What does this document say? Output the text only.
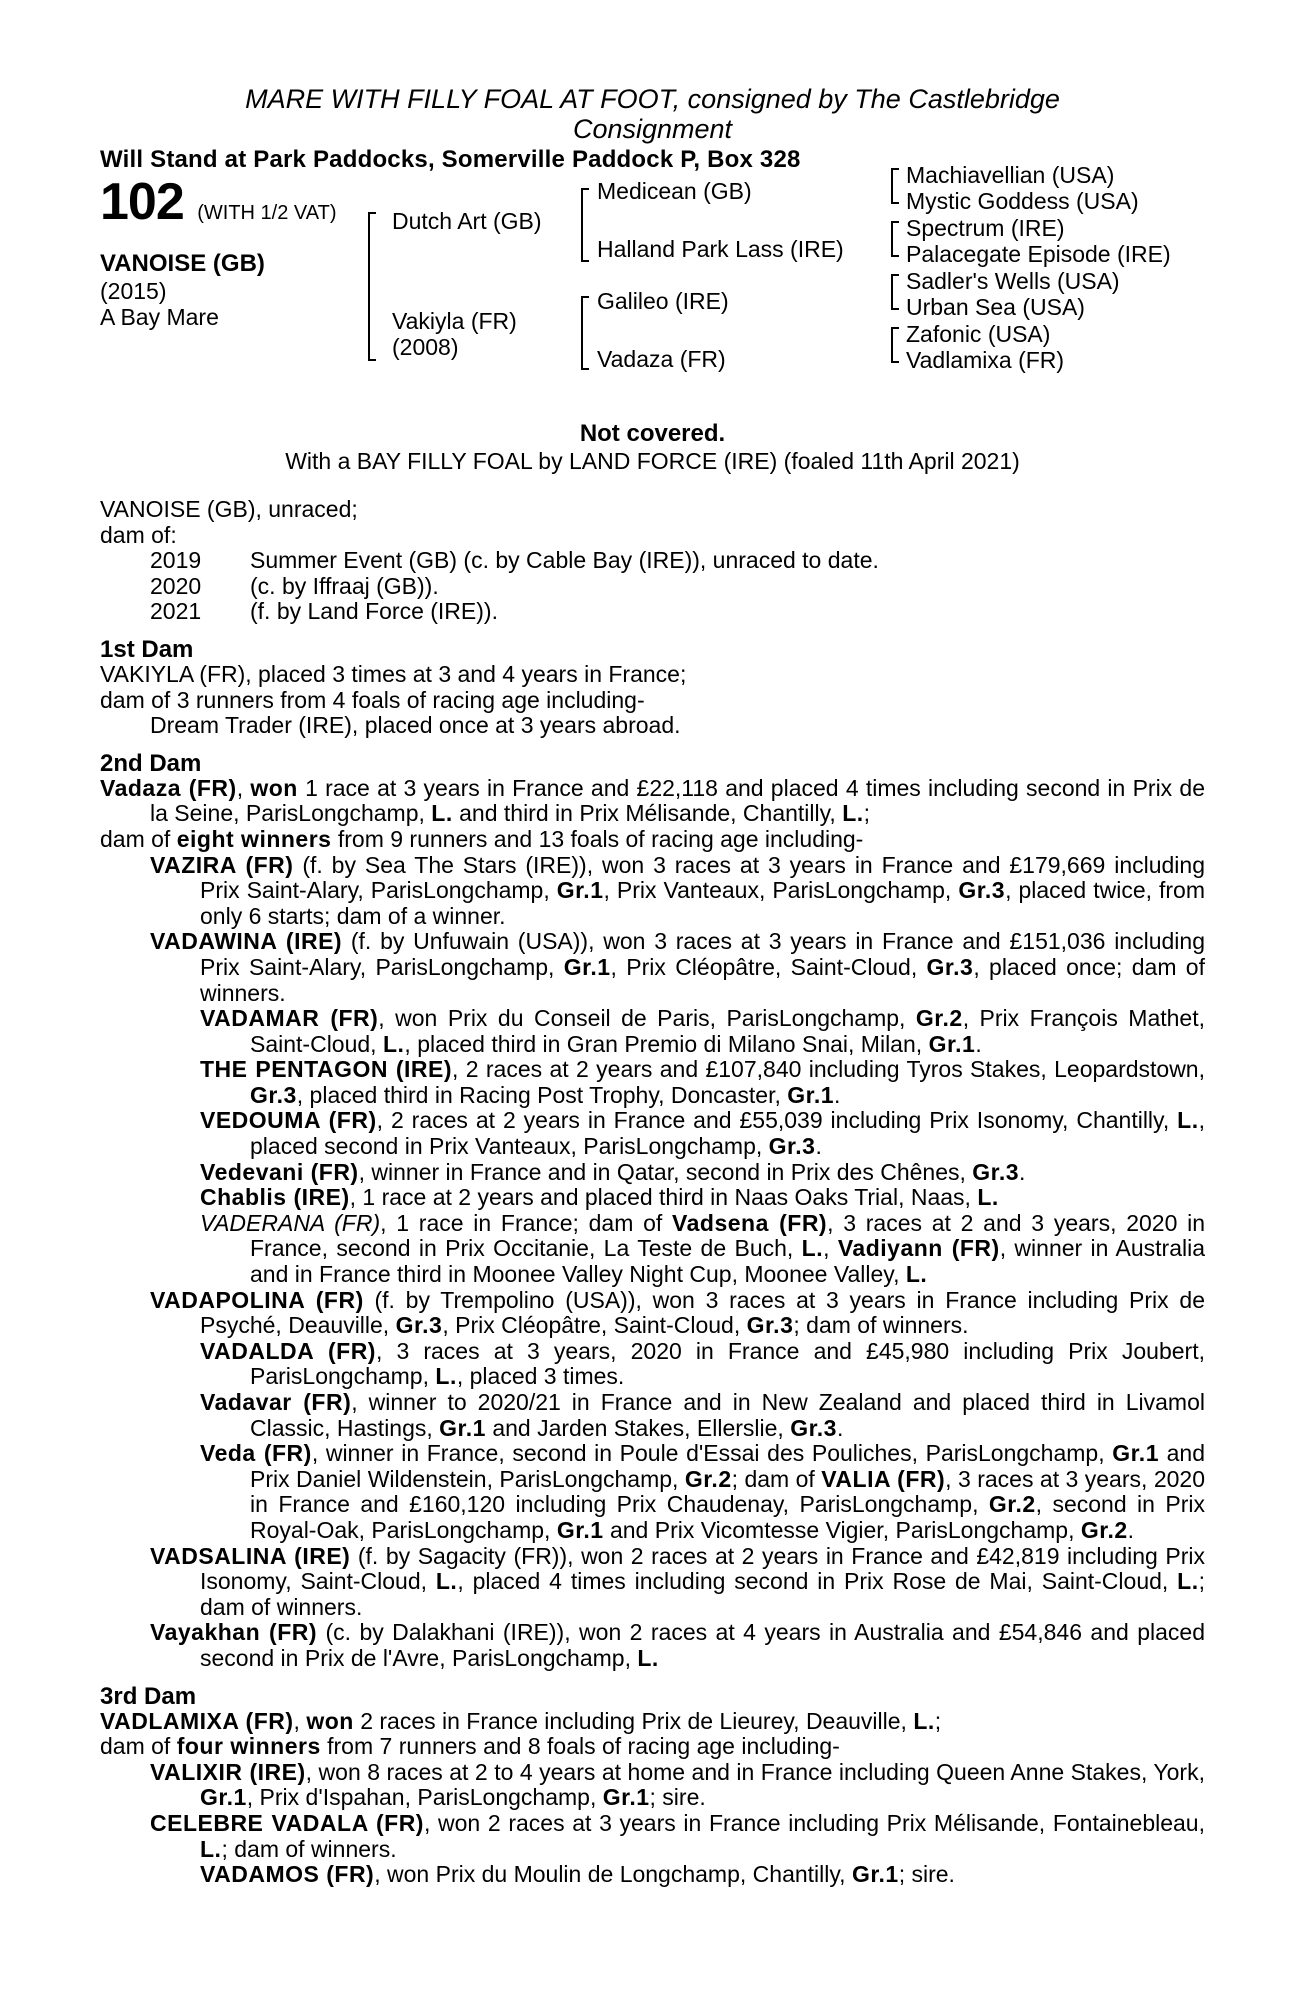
MARE WITH FILLY FOAL AT FOOT, consigned by The Castlebridge
Consignment
Will Stand at Park Paddocks, Somerville Paddock P, Box 328
102 (WITH 1/2 VAT)
VANOISE (GB)
(2015)
A Bay Mare
Dutch Art (GB)
Vakiyla (FR)
(2008)
Medicean (GB)
Halland Park Lass (IRE)
Galileo (IRE)
Vadaza (FR)
Machiavellian (USA)
Mystic Goddess (USA)
Spectrum (IRE)
Palacegate Episode (IRE)
Sadler's Wells (USA)
Urban Sea (USA)
Zafonic (USA)
Vadlamixa (FR)
Not covered.
With a BAY FILLY FOAL by LAND FORCE (IRE) (foaled 11th April 2021)

VANOISE (GB), unraced;

dam of:

2019	Summer Event (GB) (c. by Cable Bay (IRE)), unraced to date.
2020	(c. by Iffraaj (GB)).
2021	(f. by Land Force (IRE)).
1st Dam

VAKIYLA (FR), placed 3 times at 3 and 4 years in France;

dam of 3 runners from 4 foals of racing age including-

Dream Trader (IRE), placed once at 3 years abroad.

2nd Dam

Vadaza (FR), won 1 race at 3 years in France and £22,118 and placed 4 times including second in Prix de la Seine, ParisLongchamp, L. and third in Prix Mélisande, Chantilly, L.;

dam of eight winners from 9 runners and 13 foals of racing age including-

VAZIRA (FR) (f. by Sea The Stars (IRE)), won 3 races at 3 years in France and £179,669 including Prix Saint-Alary, ParisLongchamp, Gr.1, Prix Vanteaux, ParisLongchamp, Gr.3, placed twice, from only 6 starts; dam of a winner.

VADAWINA (IRE) (f. by Unfuwain (USA)), won 3 races at 3 years in France and £151,036 including Prix Saint-Alary, ParisLongchamp, Gr.1, Prix Cléopâtre, Saint-Cloud, Gr.3, placed once; dam of winners.

VADAMAR (FR), won Prix du Conseil de Paris, ParisLongchamp, Gr.2, Prix François Mathet, Saint-Cloud, L., placed third in Gran Premio di Milano Snai, Milan, Gr.1.

THE PENTAGON (IRE), 2 races at 2 years and £107,840 including Tyros Stakes, Leopardstown, Gr.3, placed third in Racing Post Trophy, Doncaster, Gr.1.

VEDOUMA (FR), 2 races at 2 years in France and £55,039 including Prix Isonomy, Chantilly, L., placed second in Prix Vanteaux, ParisLongchamp, Gr.3.

Vedevani (FR), winner in France and in Qatar, second in Prix des Chênes, Gr.3.

Chablis (IRE), 1 race at 2 years and placed third in Naas Oaks Trial, Naas, L.

VADERANA (FR), 1 race in France; dam of Vadsena (FR), 3 races at 2 and 3 years, 2020 in France, second in Prix Occitanie, La Teste de Buch, L., Vadiyann (FR), winner in Australia and in France third in Moonee Valley Night Cup, Moonee Valley, L.

VADAPOLINA (FR) (f. by Trempolino (USA)), won 3 races at 3 years in France including Prix de Psyché, Deauville, Gr.3, Prix Cléopâtre, Saint-Cloud, Gr.3; dam of winners.

VADALDA (FR), 3 races at 3 years, 2020 in France and £45,980 including Prix Joubert, ParisLongchamp, L., placed 3 times.

Vadavar (FR), winner to 2020/21 in France and in New Zealand and placed third in Livamol Classic, Hastings, Gr.1 and Jarden Stakes, Ellerslie, Gr.3.

Veda (FR), winner in France, second in Poule d'Essai des Pouliches, ParisLongchamp, Gr.1 and Prix Daniel Wildenstein, ParisLongchamp, Gr.2; dam of VALIA (FR), 3 races at 3 years, 2020 in France and £160,120 including Prix Chaudenay, ParisLongchamp, Gr.2, second in Prix Royal-Oak, ParisLongchamp, Gr.1 and Prix Vicomtesse Vigier, ParisLongchamp, Gr.2.

VADSALINA (IRE) (f. by Sagacity (FR)), won 2 races at 2 years in France and £42,819 including Prix Isonomy, Saint-Cloud, L., placed 4 times including second in Prix Rose de Mai, Saint-Cloud, L.; dam of winners.

Vayakhan (FR) (c. by Dalakhani (IRE)), won 2 races at 4 years in Australia and £54,846 and placed second in Prix de l'Avre, ParisLongchamp, L.

3rd Dam

VADLAMIXA (FR), won 2 races in France including Prix de Lieurey, Deauville, L.;

dam of four winners from 7 runners and 8 foals of racing age including-

VALIXIR (IRE), won 8 races at 2 to 4 years at home and in France including Queen Anne Stakes, York, Gr.1, Prix d'Ispahan, ParisLongchamp, Gr.1; sire.

CELEBRE VADALA (FR), won 2 races at 3 years in France including Prix Mélisande, Fontainebleau, L.; dam of winners.

VADAMOS (FR), won Prix du Moulin de Longchamp, Chantilly, Gr.1; sire.
